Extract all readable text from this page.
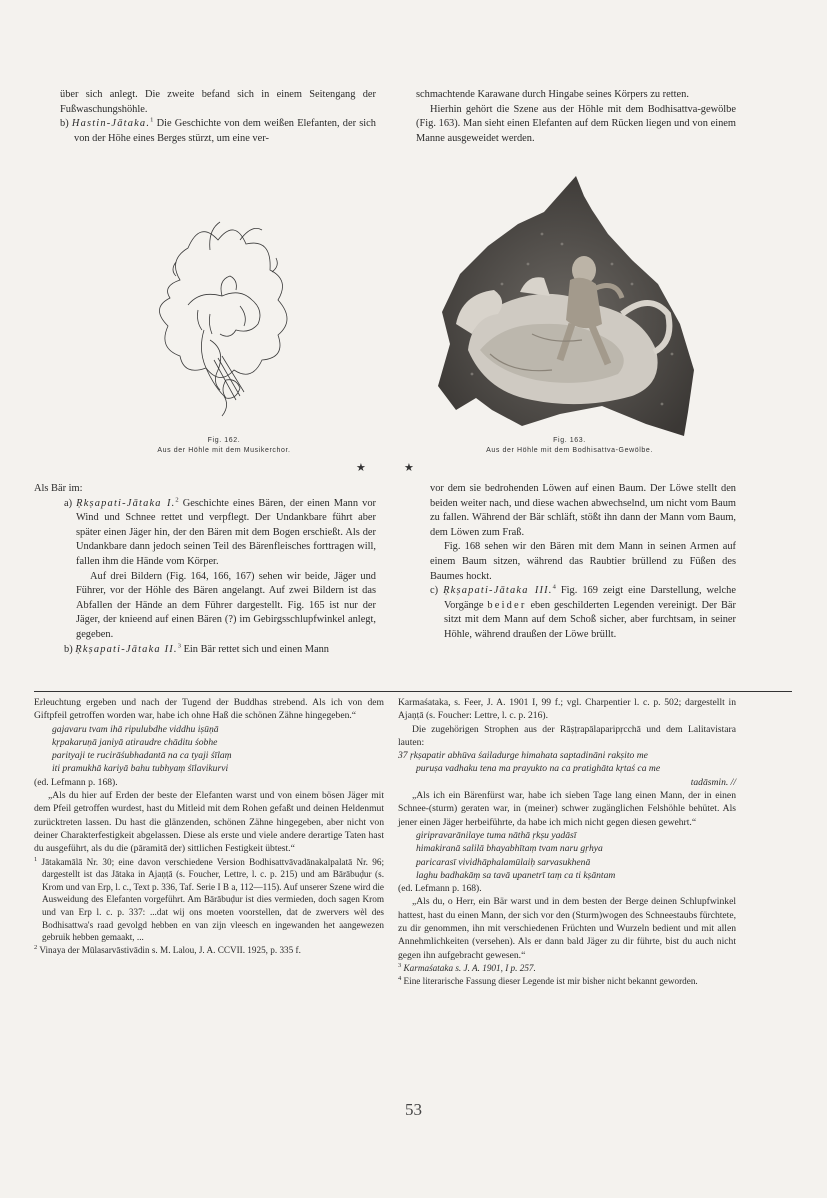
über sich anlegt. Die zweite befand sich in einem Seitengang der Fußwaschungshöhle.

b) Hastin-Jātaka.$^1$ Die Geschichte von dem weißen Elefanten, der sich von der Höhe eines Berges stürzt, um eine ver-

schmachtende Karawane durch Hingabe seines Körpers zu retten.

Hierhin gehört die Szene aus der Höhle mit dem Bodhisattva-gewölbe (Fig. 163). Man sieht einen Elefanten auf dem Rücken liegen und von einem Manne ausgeweidet werden.

Fig. 162.
Aus der Höhle mit dem Musikerchor.
Fig. 163.
Aus der Höhle mit dem Bodhisattva-Gewölbe.
★	★

Als Bär im:

a) Ṛkṣapati-Jātaka I.$^2$ Geschichte eines Bären, der einen Mann vor Wind und Schnee rettet und verpflegt. Der Undankbare führt aber später einen Jäger hin, der den Bären mit dem Bogen erschießt. Als der Undankbare dann jedoch seinen Teil des Bärenfleisches forttragen will, fallen ihm die Hände vom Körper.

Auf drei Bildern (Fig. 164, 166, 167) sehen wir beide, Jäger und Führer, vor der Höhle des Bären angelangt. Auf zwei Bildern ist das Abfallen der Hände an dem Führer dargestellt. Fig. 165 ist nur der Jäger, der knieend auf einen Bären (?) im Gebirgsschlupfwinkel anlegt, gegeben.

b) Ṛkṣapati-Jātaka II.$^3$ Ein Bär rettet sich und einen Mann

vor dem sie bedrohenden Löwen auf einen Baum. Der Löwe stellt den beiden weiter nach, und diese wachen abwechselnd, um nicht vom Baum zu fallen. Während der Bär schläft, stößt ihn dann der Mann vom Baum, dem Löwen zum Fraß.

Fig. 168 sehen wir den Bären mit dem Mann in seinen Armen auf einem Baum sitzen, während das Raubtier brüllend zu Füßen des Baumes hockt.

c) Ṛkṣapati-Jātaka III.$^4$ Fig. 169 zeigt eine Darstellung, welche Vorgänge beider eben geschilderten Legenden vereinigt. Der Bär sitzt mit dem Mann auf dem Schoß sicher, aber furchtsam, in seiner Höhle, während draußen der Löwe brüllt.

Erleuchtung ergeben und nach der Tugend der Buddhas strebend. Als ich von dem Giftpfeil getroffen worden war, habe ich ohne Haß die schönen Zähne hingegeben.“

gajavaru tvam ihā ripulubdhe viddhu iṣūṇā

kṛpakaruṇā janiyā atiraudre chāditu śobhe

parityaji te rucirāśubhadantā na ca tyaji śīlaṃ

iti pramukhā kariyā bahu tubhyaṃ śīlavikurvi

(ed. Lefmann p. 168).

„Als du hier auf Erden der beste der Elefanten warst und von einem bösen Jäger mit dem Pfeil getroffen wurdest, hast du Mitleid mit dem Rohen gefaßt und deinen Heldenmut zurücktreten lassen. Du hast die glänzenden, schönen Zähne hingegeben, aber nicht von deiner Charakterfestigkeit abgelassen. Diese als erste und viele andere derartige Taten hast du ausgeführt, als du die (pāramitā der) sittlichen Festigkeit übtest.“

$^1$ Jātakamālā Nr. 30; eine davon verschiedene Version Bodhisattvāvadānakalpalatā Nr. 96; dargestellt ist das Jātaka in Ajaṇṭā (s. Foucher, Lettre, l. c. p. 215) und am Bārābuḍur (s. Krom und van Erp, l. c., Text p. 336, Taf. Serie I B a, 112—115). Auf unserer Szene wird die Ausweidung des Elefanten vorgeführt. Am Bārābuḍur ist dies vermieden, doch sagen Krom und van Erp l. c. p. 337: ...dat wij ons moeten voorstellen, dat de zwervers wèl des Bodhisattwa's raad gevolgd hebben en van zijn vleesch en ingewanden het aangewezen gebruik hebben gemaakt, ...

$^2$ Vinaya der Mūlasarvāstivādin s. M. Lalou, J. A. CCVII. 1925, p. 335 f.

Karmaśataka, s. Feer, J. A. 1901 I, 99 f.; vgl. Charpentier l. c. p. 502; dargestellt in Ajaṇṭā (s. Foucher: Lettre, l. c. p. 216).

Die zugehörigen Strophen aus der Rāṣṭrapālaparipṛcchā und dem Lalitavistara lauten:

37 ṛkṣapatir abhūva śailadurge himahata saptadināni rakṣito me

puruṣa vadhaku tena ma prayukto na ca pratighāta kṛtaś ca me

tadāsmin. //

„Als ich ein Bärenfürst war, habe ich sieben Tage lang einen Mann, der in einen Schnee-(sturm) geraten war, in (meiner) schwer zugänglichen Felshöhle behütet. Als jener einen Jäger herbeiführte, da habe ich mich nicht gegen diesen gewehrt.“

giripravarānilaye tuma nāthā ṛkṣu yadāsī

himakiranā salilā bhayabhītaṃ tvam naru gṛhya

paricarasī vividhāphalamūlaiḥ sarvasukhenā

laghu badhakāṃ sa tavā upanetrī taṃ ca ti kṣāntam

(ed. Lefmann p. 168).

„Als du, o Herr, ein Bär warst und in dem besten der Berge deinen Schlupfwinkel hattest, hast du einen Mann, der sich vor den (Sturm)wogen des Schneestaubs fürchtete, zu dir genommen, ihn mit verschiedenen Früchten und Wurzeln bedient und mit allen Annehmlichkeiten (versehen). Als er dann bald Jäger zu dir führte, bist du auch nicht gegen ihn aufgebracht gewesen.“

$^3$ Karmaśataka s. J. A. 1901, I p. 257.

$^4$ Eine literarische Fassung dieser Legende ist mir bisher nicht bekannt geworden.

53
